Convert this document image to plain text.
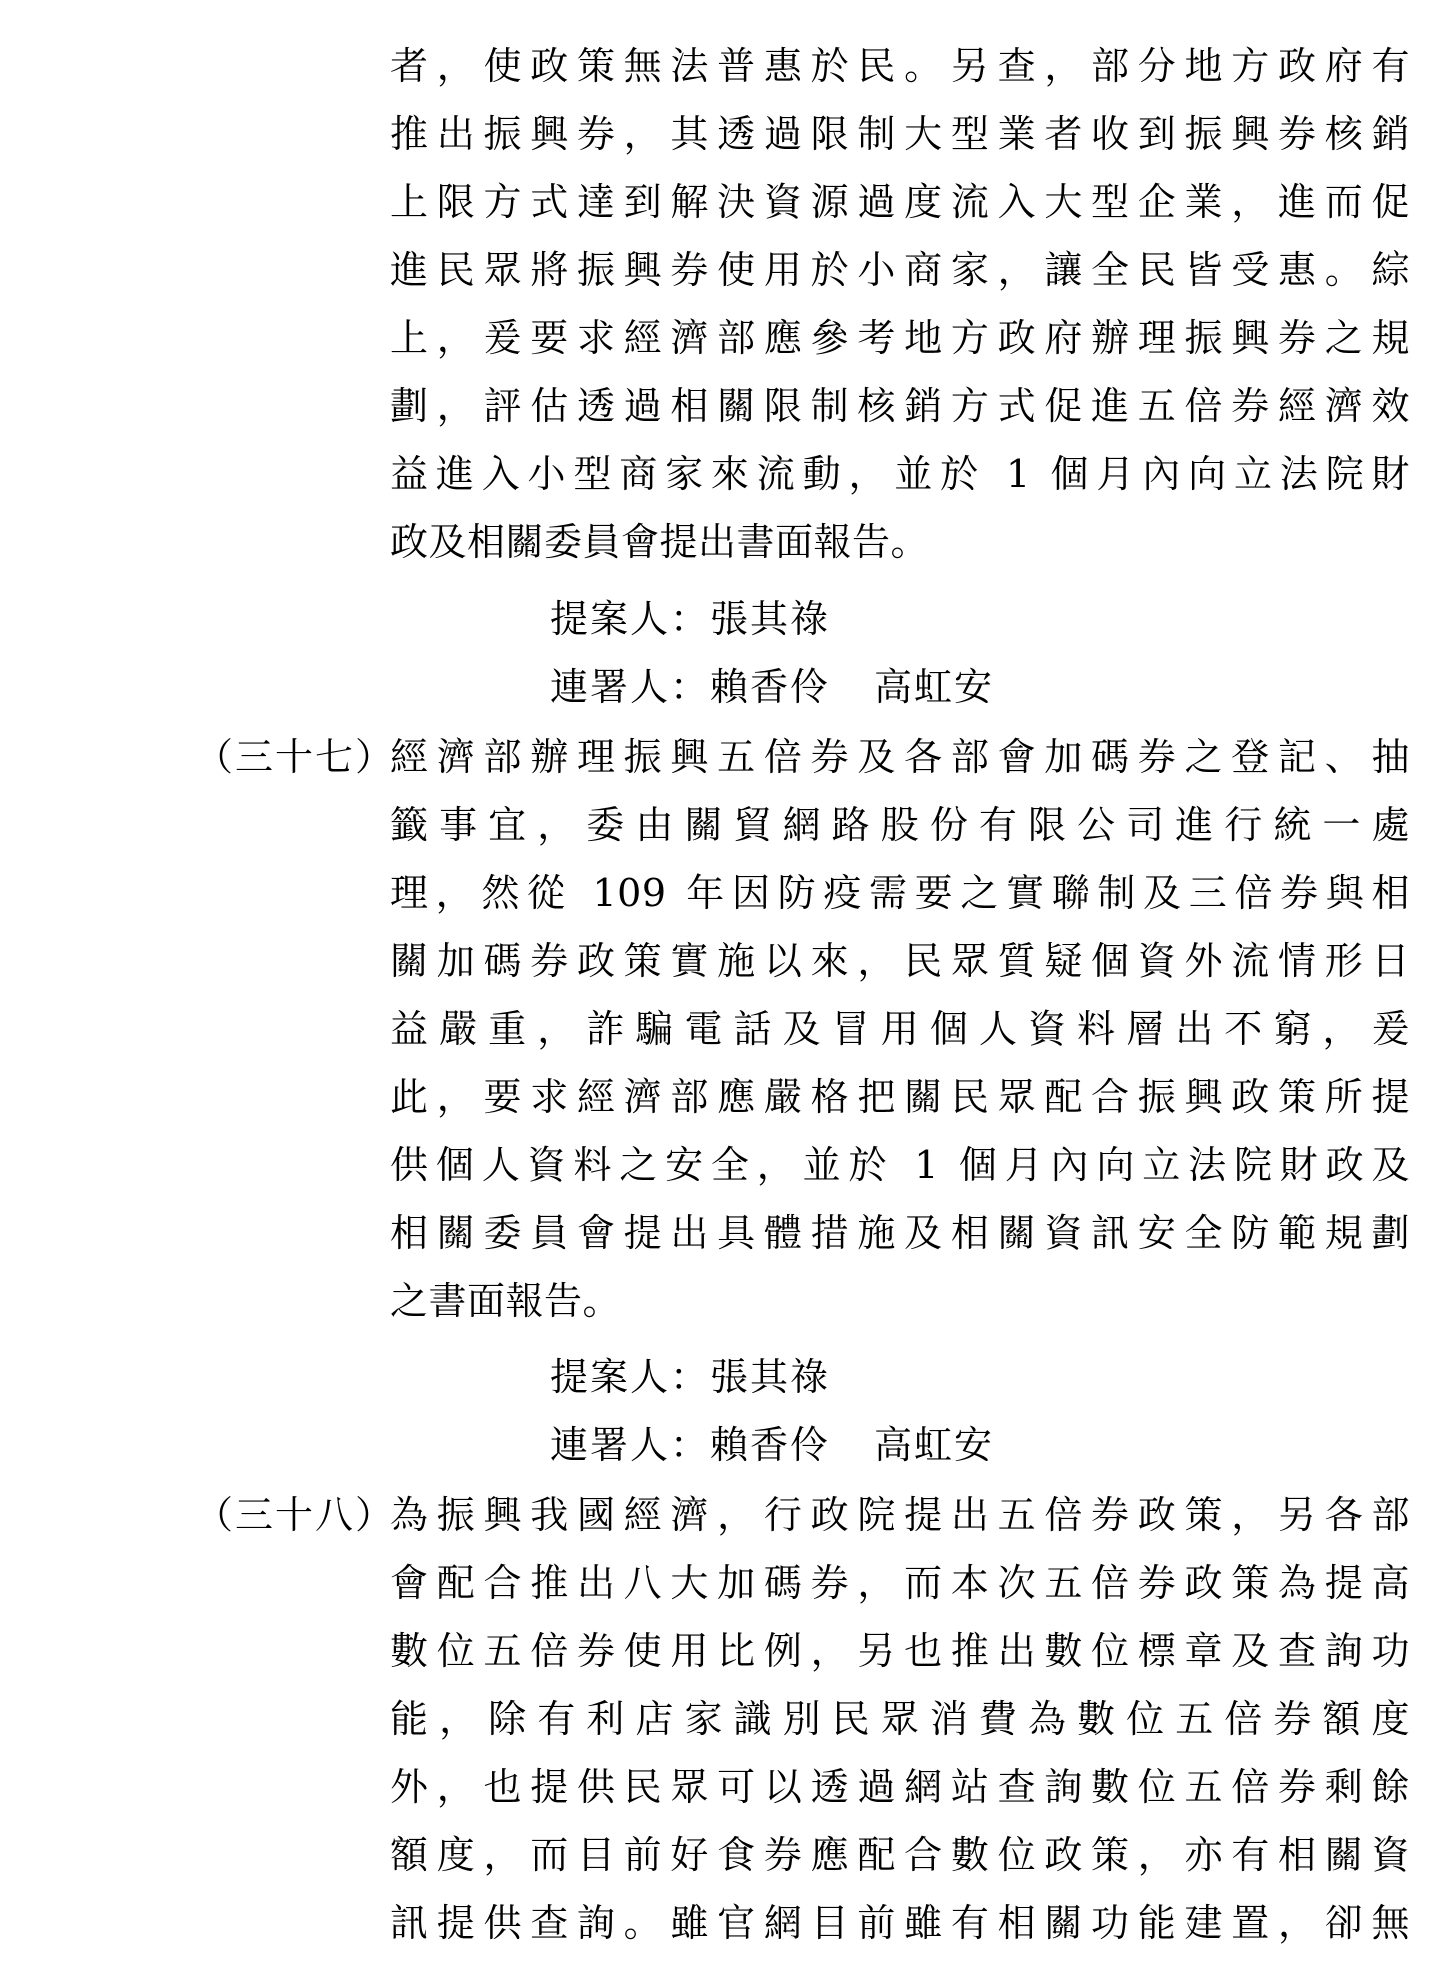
者，使政策無法普惠於民。另查，部分地方政府有
推出振興券，其透過限制大型業者收到振興券核銷
上限方式達到解決資源過度流入大型企業，進而促
進民眾將振興券使用於小商家，讓全民皆受惠。綜
上，爰要求經濟部應參考地方政府辦理振興券之規
劃，評估透過相關限制核銷方式促進五倍券經濟效
益進入小型商家來流動，並於 1 個月內向立法院財
政及相關委員會提出書面報告。
提案人：張其祿
連署人：賴香伶 高虹安
（三十七）
經濟部辦理振興五倍券及各部會加碼券之登記、抽
籤事宜，委由關貿網路股份有限公司進行統一處
理，然從 109 年因防疫需要之實聯制及三倍券與相
關加碼券政策實施以來，民眾質疑個資外流情形日
益嚴重，詐騙電話及冒用個人資料層出不窮，爰
此，要求經濟部應嚴格把關民眾配合振興政策所提
供個人資料之安全，並於 1 個月內向立法院財政及
相關委員會提出具體措施及相關資訊安全防範規劃
之書面報告。
提案人：張其祿
連署人：賴香伶 高虹安
（三十八）
為振興我國經濟，行政院提出五倍券政策，另各部
會配合推出八大加碼券，而本次五倍券政策為提高
數位五倍券使用比例，另也推出數位標章及查詢功
能，除有利店家識別民眾消費為數位五倍券額度
外，也提供民眾可以透過網站查詢數位五倍券剩餘
額度，而目前好食券應配合數位政策，亦有相關資
訊提供查詢。雖官網目前雖有相關功能建置，卻無
